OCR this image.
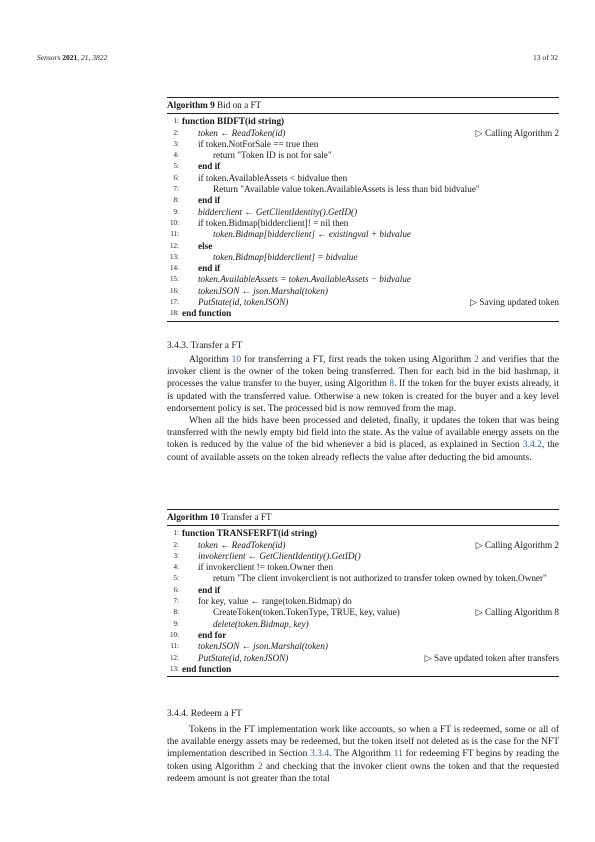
Sensors 2021, 21, 3822	13 of 32
Algorithm 9 Bid on a FT
1: function BIDFT(id string)
2: token ← ReadToken(id)	▷ Calling Algorithm 2
3: if token.NotForSale == true then
4:	return "Token ID is not for sale"
5: end if
6: if token.AvailableAssets < bidvalue then
7:	Return "Available value token.AvailableAssets is less than bid bidvalue"
8: end if
9: bidderclient ← GetClientIdentity().GetID()
10: if token.Bidmap[bidderclient]! = nil then
11:	token.Bidmap[bidderclient] ← existingval + bidvalue
12: else
13:	token.Bidmap[bidderclient] = bidvalue
14: end if
15: token.AvailableAssets = token.AvailableAssets − bidvalue
16: tokenJSON ← json.Marshal(token)
17: PutState(id, tokenJSON)	▷ Saving updated token
18: end function

3.4.3. Transfer a FT

Algorithm 10 for transferring a FT, first reads the token using Algorithm 2 and verifies that the invoker client is the owner of the token being transferred. Then for each bid in the bid hashmap, it processes the value transfer to the buyer, using Algorithm 8. If the token for the buyer exists already, it is updated with the transferred value. Otherwise a new token is created for the buyer and a key level endorsement policy is set. The processed bid is now removed from the map.

When all the bids have been processed and deleted, finally, it updates the token that was being transferred with the newly empty bid field into the state. As the value of available energy assets on the token is reduced by the value of the bid whenever a bid is placed, as explained in Section 3.4.2, the count of available assets on the token already reflects the value after deducting the bid amounts.

Algorithm 10 Transfer a FT
1: function TRANSFERFT(id string)
2: token ← ReadToken(id)	▷ Calling Algorithm 2
3: invokerclient ← GetClientIdentity().GetID()
4: if invokerclient != token.Owner then
5:	return "The client invokerclient is not authorized to transfer token owned by token.Owner"
6: end if
7: for key, value ← range(token.Bidmap) do
8:	CreateToken(token.TokenType, TRUE, key, value)	▷ Calling Algorithm 8
9:	delete(token.Bidmap, key)
10: end for
11: tokenJSON ← json.Marshal(token)
12: PutState(id, tokenJSON)	▷ Save updated token after transfers
13: end function

3.4.4. Redeem a FT

Tokens in the FT implementation work like accounts, so when a FT is redeemed, some or all of the available energy assets may be redeemed, but the token itself not deleted as is the case for the NFT implementation described in Section 3.3.4. The Algorithm 11 for redeeming FT begins by reading the token using Algorithm 2 and checking that the invoker client owns the token and that the requested redeem amount is not greater than the total
